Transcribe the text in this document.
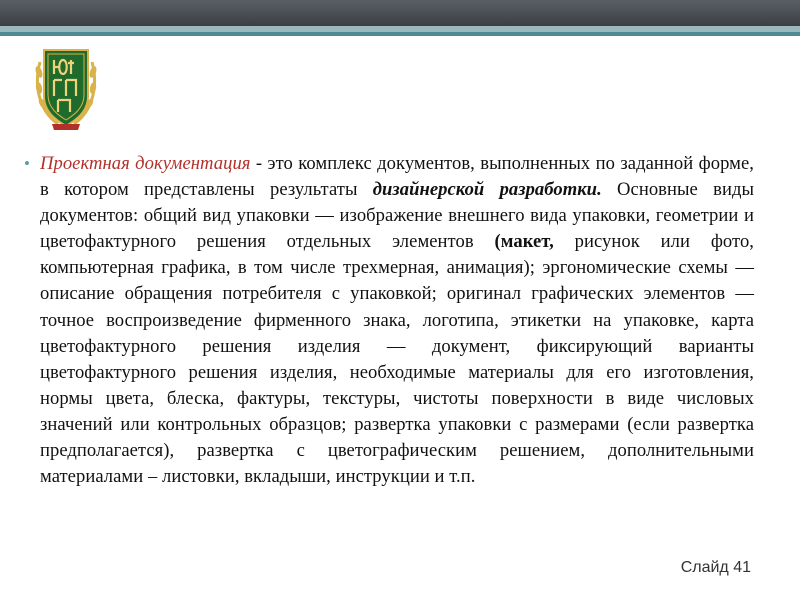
• Проектная документация - это комплекс документов, выполненных по заданной форме, в котором представлены результаты дизайнерской разработки. Основные виды документов: общий вид упаковки — изображение внешнего вида упаковки, геометрии и цветофактурного решения отдельных элементов (макет, рисунок или фото, компьютерная графика, в том числе трехмерная, анимация); эргономические схемы — описание обращения потребителя с упаковкой; оригинал графических элементов — точное воспроизведение фирменного знака, логотипа, этикетки на упаковке, карта цветофактурного решения изделия — документ, фиксирующий варианты цветофактурного решения изделия, необходимые материалы для его изготовления, нормы цвета, блеска, фактуры, текстуры, чистоты поверхности в виде числовых значений или контрольных образцов; развертка упаковки с размерами (если развертка предполагается), развертка с цветографическим решением, дополнительными материалами – листовки, вкладыши, инструкции и т.п.

Слайд 41
